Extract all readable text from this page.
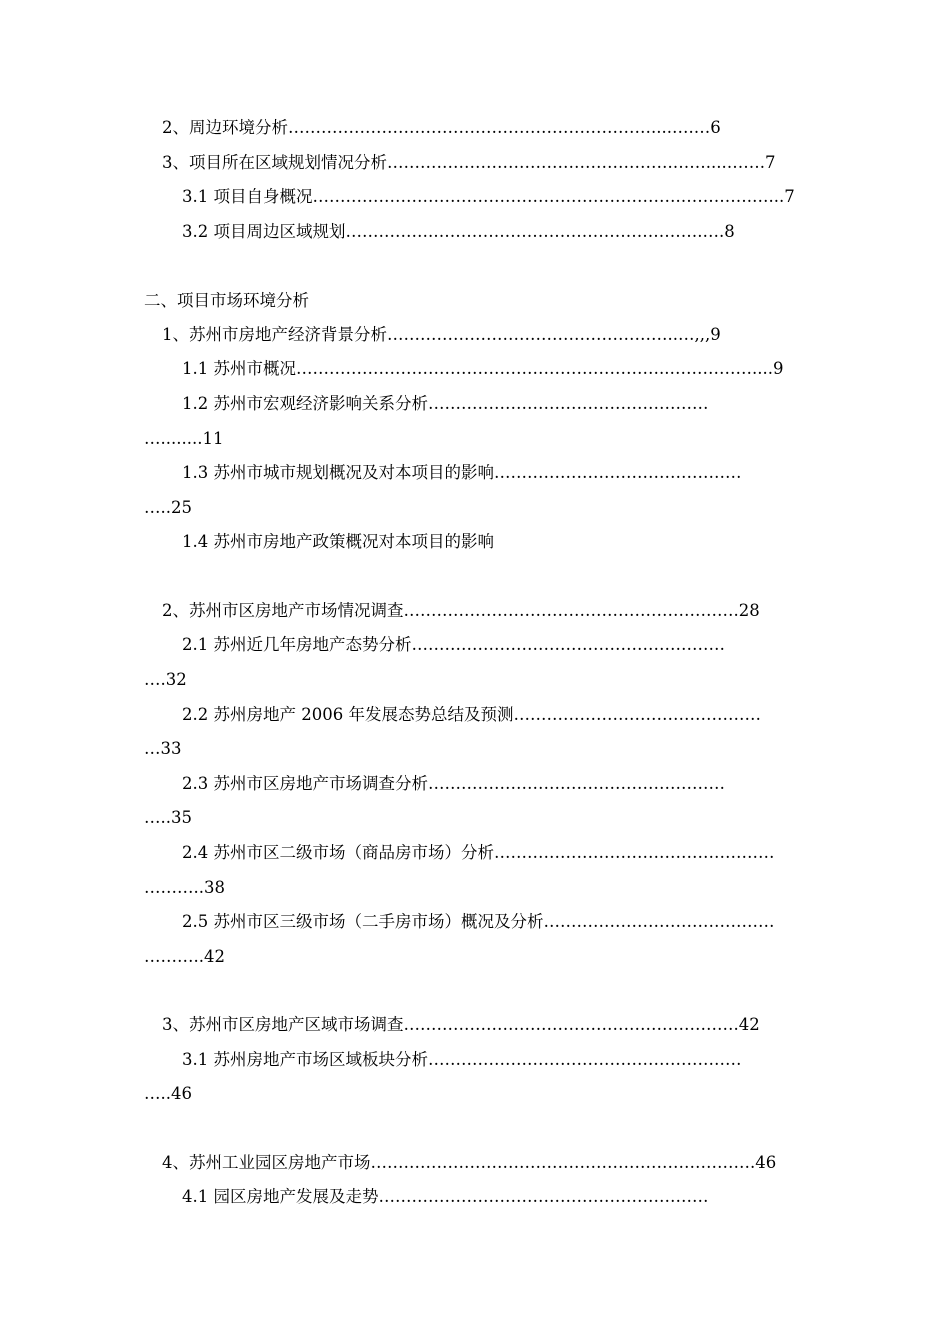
2、周边环境分析…………………………………………………………....….…6
3、项目所在区域规划情况分析…………………………………………….……....…….7
3.1 项目自身概况………………………………………………………….………….…...7
3.2 项目周边区域规划…………….………………………………………….….8
二、项目市场环境分析
1、苏州市房地产经济背景分析……………………………………………..…,,,9
1.1 苏州市概况…………………………………………………………..……………....9
1.2 苏州市宏观经济影响关系分析……………………………………………
…........11
1.3 苏州市城市规划概况及对本项目的影响………………………………………
…..25
1.4 苏州市房地产政策概况对本项目的影响
2、苏州市区房地产市场情况调查…………………………………………………….28
2.1 苏州近几年房地产态势分析…………………………………………………
….32
2.2 苏州房地产 2006 年发展态势总结及预测………………………………………
…33
2.3 苏州市区房地产市场调查分析………………………………………………
…..35
2.4 苏州市区二级市场（商品房市场）分析……………………………………………
………..38
2.5 苏州市区三级市场（二手房市场）概况及分析……………………………………
………..42
3、苏州市区房地产区域市场调查…………………………………………………….42
3.1 苏州房地产市场区域板块分析…………………………………………………
…..46
4、苏州工业园区房地产市场…………………………………………………………….46
4.1 园区房地产发展及走势……………………………………………………
